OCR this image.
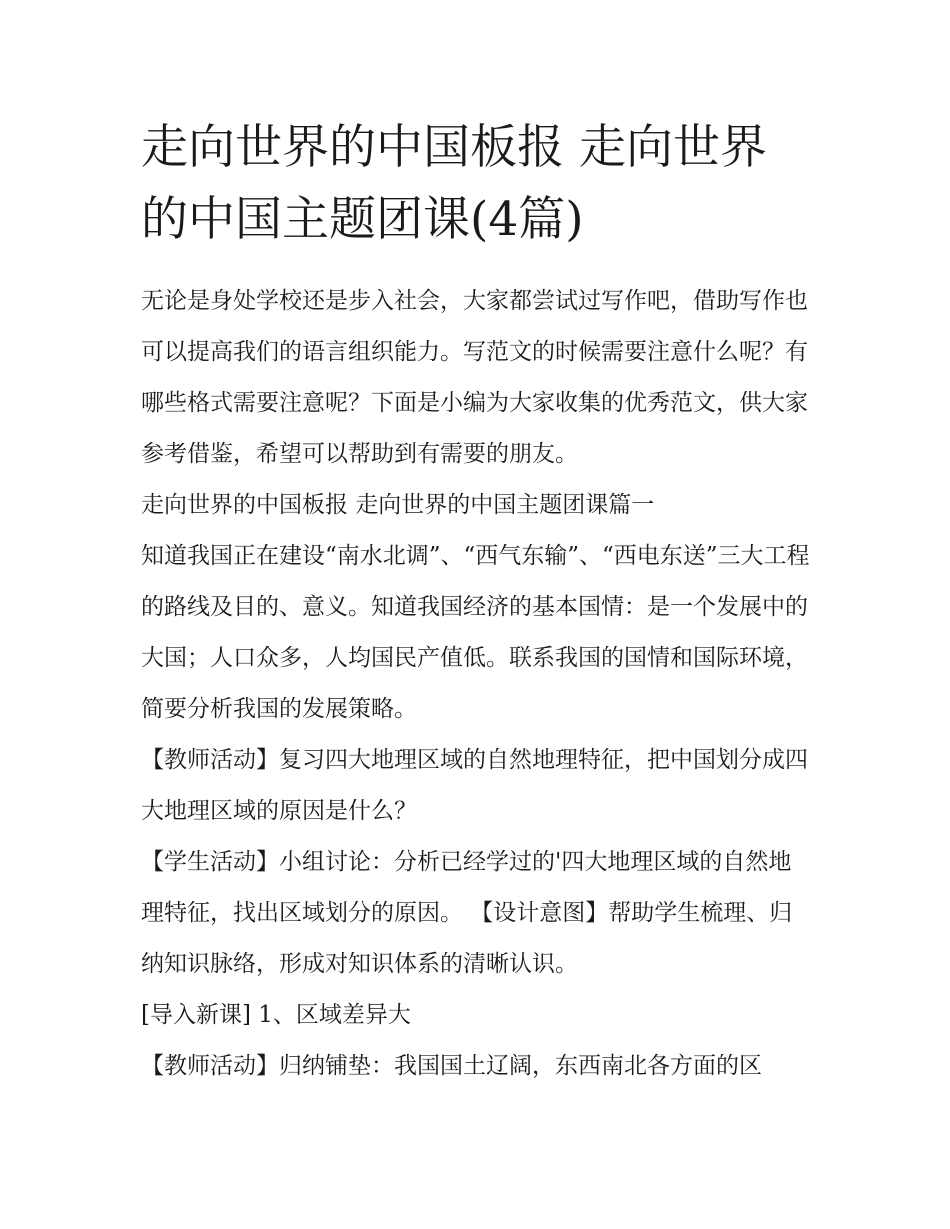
走向世界的中国板报 走向世界的中国主题团课(4篇)

无论是身处学校还是步入社会，大家都尝试过写作吧，借助写作也可以提高我们的语言组织能力。写范文的时候需要注意什么呢？有哪些格式需要注意呢？下面是小编为大家收集的优秀范文，供大家参考借鉴，希望可以帮助到有需要的朋友。

走向世界的中国板报 走向世界的中国主题团课篇一

知道我国正在建设“南水北调”、“西气东输”、“西电东送”三大工程的路线及目的、意义。知道我国经济的基本国情：是一个发展中的大国；人口众多，人均国民产值低。联系我国的国情和国际环境，简要分析我国的发展策略。

【教师活动】复习四大地理区域的自然地理特征，把中国划分成四大地理区域的原因是什么？

【学生活动】小组讨论：分析已经学过的'四大地理区域的自然地理特征，找出区域划分的原因。 【设计意图】帮助学生梳理、归纳知识脉络，形成对知识体系的清晰认识。

[导入新课] 1、区域差异大

【教师活动】归纳铺垫：我国国土辽阔，东西南北各方面的区
